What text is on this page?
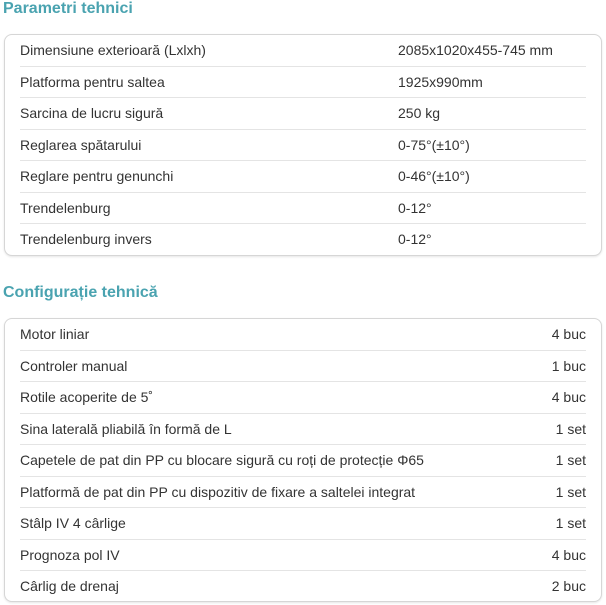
Parametri tehnici
Dimensiune exterioară (Lxlxh)	2085x1020x455-745 mm
Platforma pentru saltea	1925x990mm
Sarcina de lucru sigură	250 kg
Reglarea spătarului	0-75°(±10°)
Reglare pentru genunchi	0-46°(±10°)
Trendelenburg	0-12°
Trendelenburg invers	0-12°
Configurație tehnică
Motor liniar	4 buc
Controler manual	1 buc
Rotile acoperite de 5˚	4 buc
Sina laterală pliabilă în formă de L	1 set
Capetele de pat din PP cu blocare sigură cu roți de protecție Φ65	1 set
Platformă de pat din PP cu dispozitiv de fixare a saltelei integrat	1 set
Stâlp IV 4 cârlige	1 set
Prognoza pol IV	4 buc
Cârlig de drenaj	2 buc
